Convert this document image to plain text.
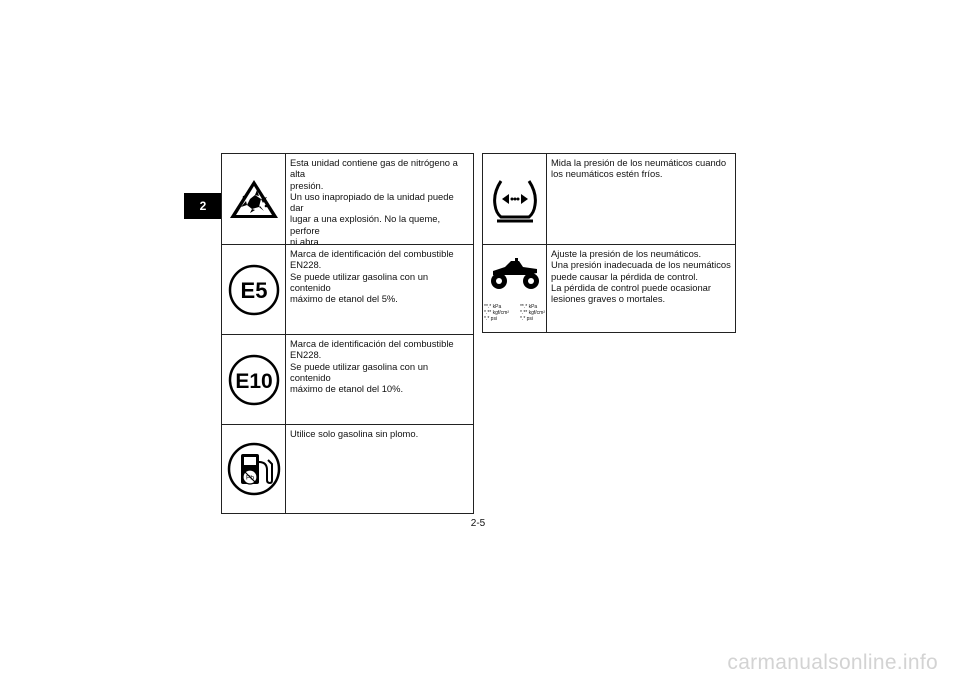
2
Esta unidad contiene gas de nitrógeno a alta
presión.
Un uso inapropiado de la unidad puede dar
lugar a una explosión. No la queme, perfore
ni abra.
E5
Marca de identificación del combustible
EN228.
Se puede utilizar gasolina con un contenido
máximo de etanol del 5%.
E10
Marca de identificación del combustible
EN228.
Se puede utilizar gasolina con un contenido
máximo de etanol del 10%.
Pb
Utilice solo gasolina sin plomo.
Mida la presión de los neumáticos cuando
los neumáticos estén fríos.
**.* kPa
*.** kgf/cm²
*.* psi
**.* kPa
*.** kgf/cm²
*.* psi
Ajuste la presión de los neumáticos.
Una presión inadecuada de los neumáticos
puede causar la pérdida de control.
La pérdida de control puede ocasionar
lesiones graves o mortales.
2-5
carmanualsonline.info
